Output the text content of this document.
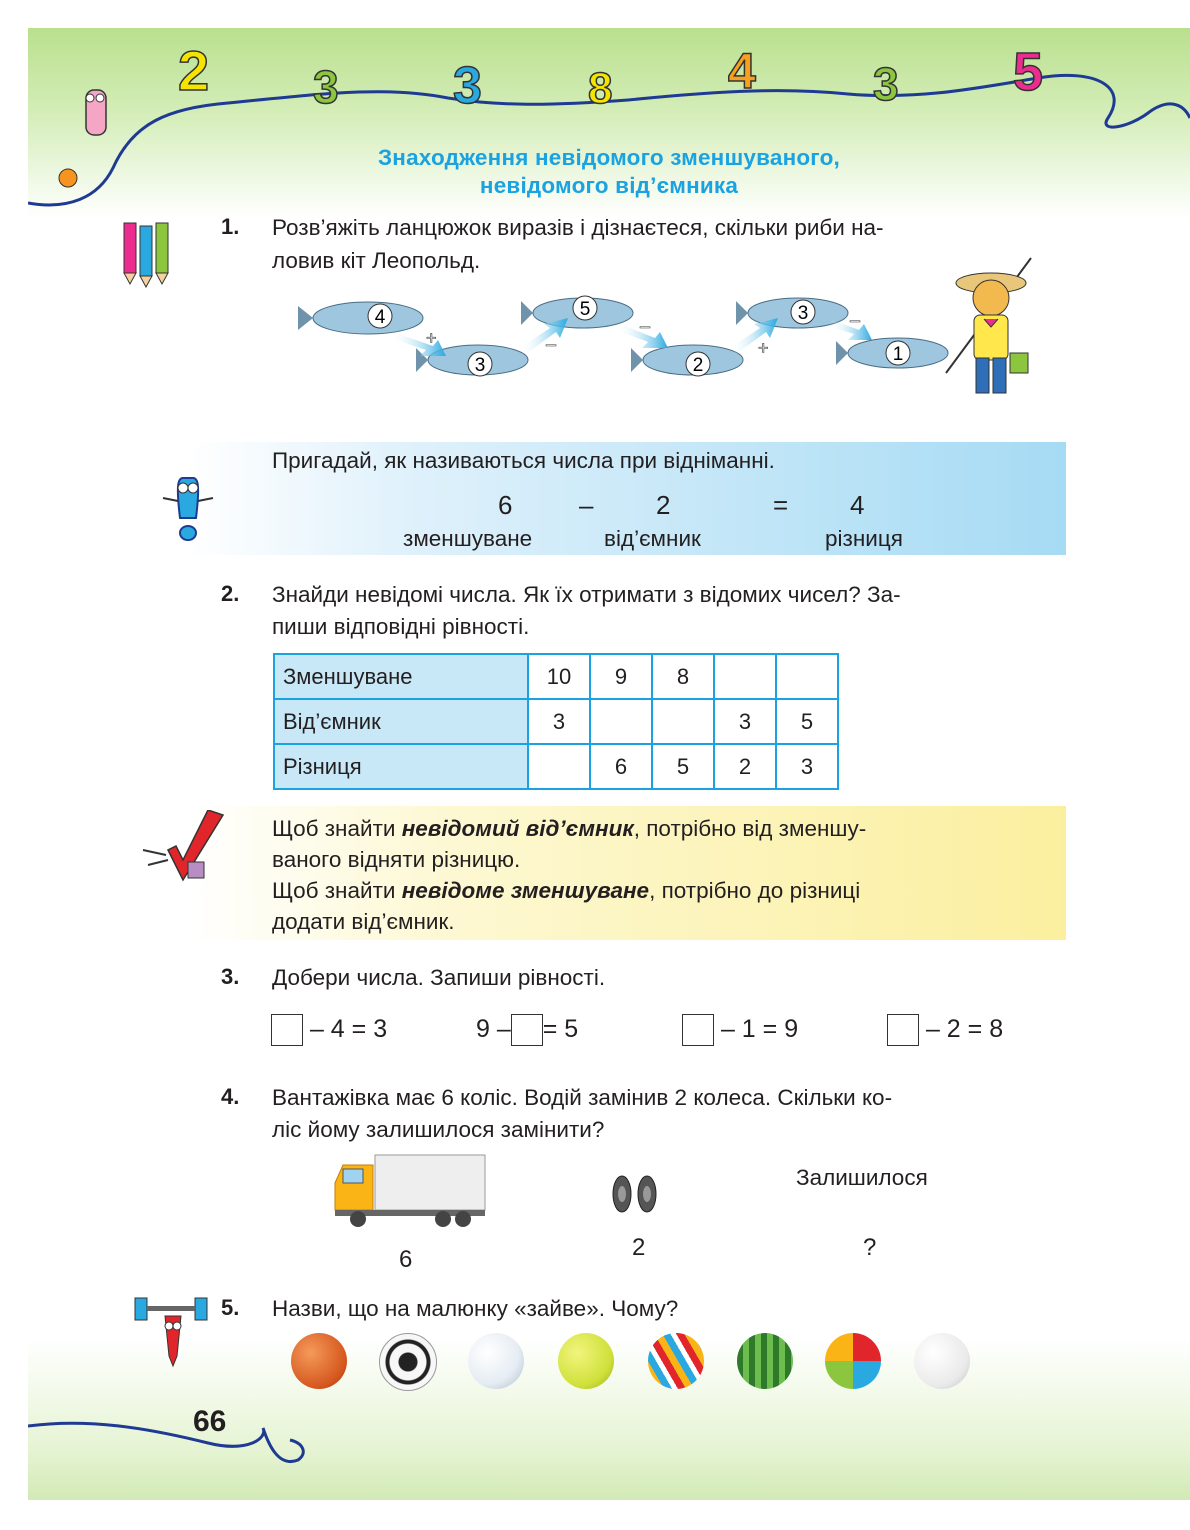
2 3 3 8 4	3 5
Знаходження невідомого зменшуваного,
невідомого від’ємника
1. Розв’яжіть ланцюжок виразів і дізнаєтеся, скільки риби на-
ловив кіт Леопольд.
4
3
5
2
3
1
+	–
–
+
–
Пригадай, як називаються числа при відніманні.
6	– 2	= 4
зменшуване	від’ємник	різниця
2. Знайди невідомі числа. Як їх отримати з відомих чисел? За-
пиши відповідні рівності.
Зменшуване	10	9	8		
Від’ємник	3			3	5
Різниця		6	5	2	3
Щоб знайти невідомий від’ємник, потрібно від зменшу-
ваного відняти різницю.
Щоб знайти невідоме зменшуване, потрібно до різниці
додати від’ємник.
3. Добери числа. Запиши рівності.
– 4 = 3	9 – = 5	– 1 = 9	– 2 = 8
4. Вантажівка має 6 коліс. Водій замінив 2 колеса. Скільки ко-
ліс йому залишилося замінити?
Залишилося
6	2	?
5. Назви, що на малюнку «зайве». Чому?
66
